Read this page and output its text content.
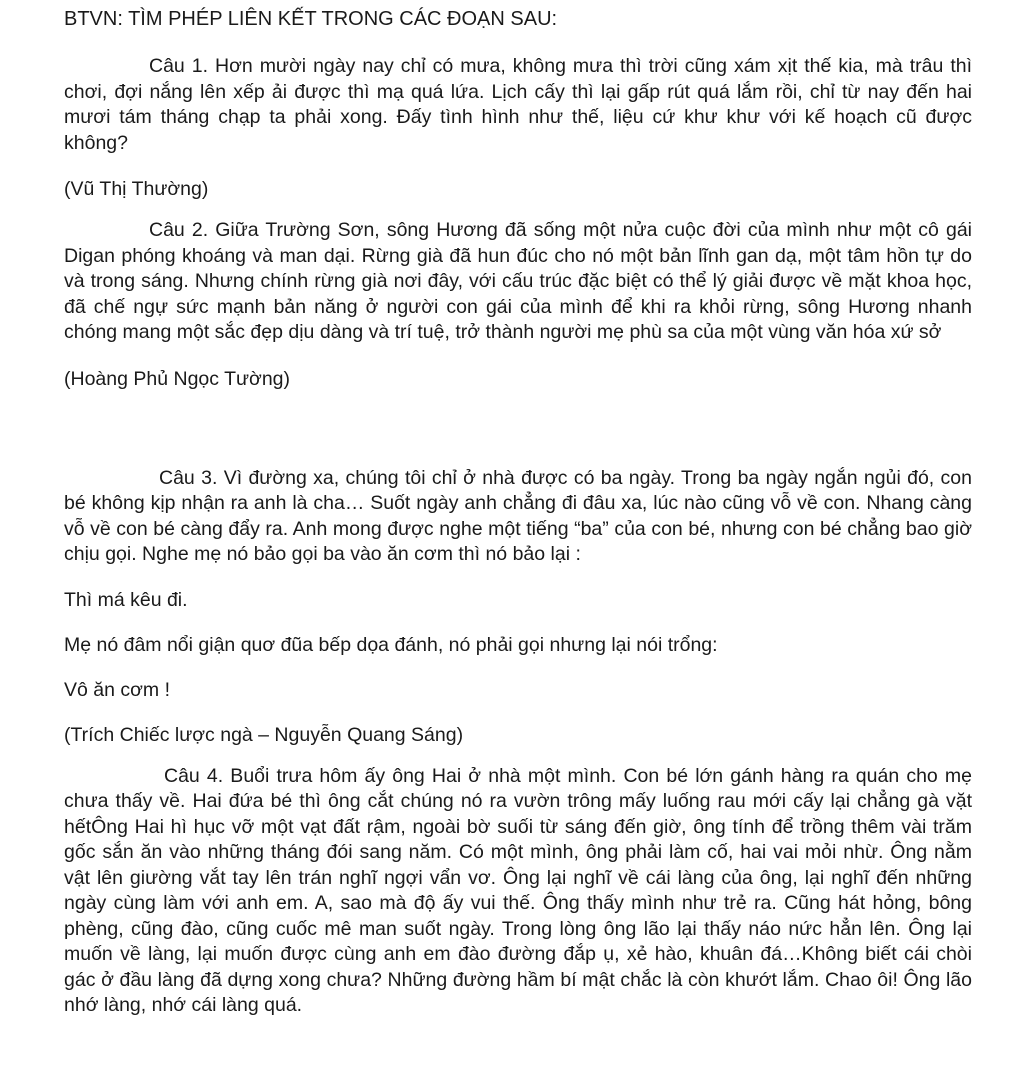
BTVN: TÌM PHÉP LIÊN KẾT TRONG CÁC ĐOẠN SAU:

Câu 1. Hơn mười ngày nay chỉ có mưa, không mưa thì trời cũng xám xịt thế kia, mà trâu thì chơi, đợi nắng lên xếp ải được thì mạ quá lứa. Lịch cấy thì lại gấp rút quá lắm rồi, chỉ từ nay đến hai mươi tám tháng chạp ta phải xong. Đấy tình hình như thế, liệu cứ khư khư với kế hoạch cũ được không?

(Vũ Thị Thường)

Câu 2. Giữa Trường Sơn, sông Hương đã sống một nửa cuộc đời của mình như một cô gái Digan phóng khoáng và man dại. Rừng già đã hun đúc cho nó một bản lĩnh gan dạ, một tâm hồn tự do và trong sáng. Nhưng chính rừng già nơi đây, với cấu trúc đặc biệt có thể lý giải được về mặt khoa học, đã chế ngự sức mạnh bản năng ở người con gái của mình để khi ra khỏi rừng, sông Hương nhanh chóng mang một sắc đẹp dịu dàng và trí tuệ, trở thành người mẹ phù sa của một vùng văn hóa xứ sở

(Hoàng Phủ Ngọc Tường)

Câu 3. Vì đường xa, chúng tôi chỉ ở nhà được có ba ngày. Trong ba ngày ngắn ngủi đó, con bé không kịp nhận ra anh là cha… Suốt ngày anh chẳng đi đâu xa, lúc nào cũng vỗ về con. Nhang càng vỗ về con bé càng đẩy ra. Anh mong được nghe một tiếng “ba” của con bé, nhưng con bé chẳng bao giờ chịu gọi. Nghe mẹ nó bảo gọi ba vào ăn cơm thì nó bảo lại :

Thì má kêu đi.

Mẹ nó đâm nổi giận quơ đũa bếp dọa đánh, nó phải gọi nhưng lại nói trổng:

Vô ăn cơm !

(Trích Chiếc lược ngà – Nguyễn Quang Sáng)

Câu 4. Buổi trưa hôm ấy ông Hai ở nhà một mình. Con bé lớn gánh hàng ra quán cho mẹ chưa thấy về. Hai đứa bé thì ông cắt chúng nó ra vườn trông mấy luống rau mới cấy lại chẳng gà vặt hếtÔng Hai hì hục vỡ một vạt đất rậm, ngoài bờ suối từ sáng đến giờ, ông tính để trồng thêm vài trăm gốc sắn ăn vào những tháng đói sang năm. Có một mình, ông phải làm cố, hai vai mỏi nhừ. Ông nằm vật lên giường vắt tay lên trán nghĩ ngợi vẩn vơ. Ông lại nghĩ về cái làng của ông, lại nghĩ đến những ngày cùng làm với anh em. A, sao mà độ ấy vui thế. Ông thấy mình như trẻ ra. Cũng hát hỏng, bông phèng, cũng đào, cũng cuốc mê man suốt ngày. Trong lòng ông lão lại thấy náo nức hẳn lên. Ông lại muốn về làng, lại muốn được cùng anh em đào đường đắp ụ, xẻ hào, khuân đá…Không biết cái chòi gác ở đầu làng đã dựng xong chưa? Những đường hầm bí mật chắc là còn khướt lắm. Chao ôi! Ông lão nhớ làng, nhớ cái làng quá.
